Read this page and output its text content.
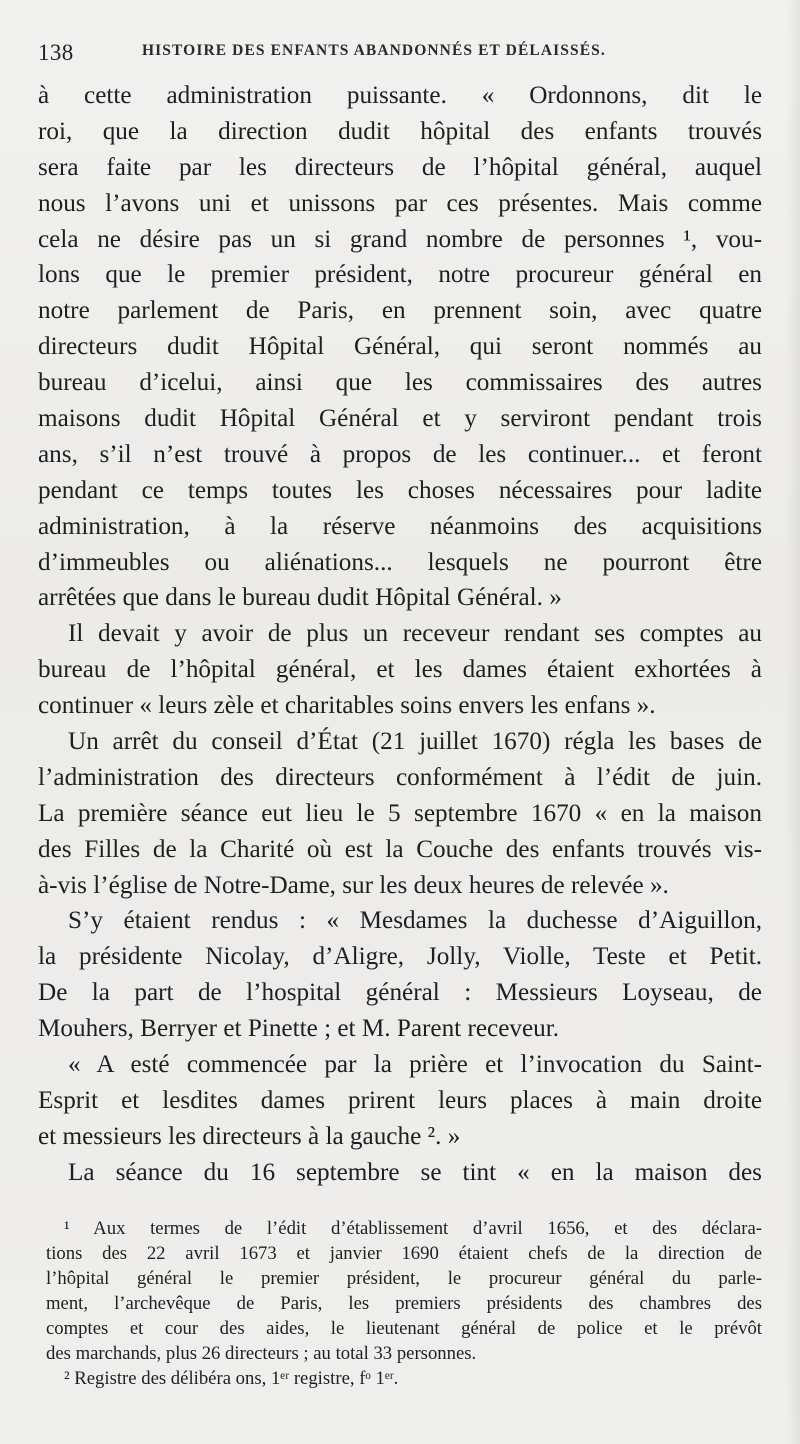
138	HISTOIRE DES ENFANTS ABANDONNÉS ET DÉLAISSÉS.
à cette administration puissante. « Ordonnons, dit le
roi, que la direction dudit hôpital des enfants trouvés
sera faite par les directeurs de l’hôpital général, auquel
nous l’avons uni et unissons par ces présentes. Mais comme
cela ne désire pas un si grand nombre de personnes ¹, vou-
lons que le premier président, notre procureur général en
notre parlement de Paris, en prennent soin, avec quatre
directeurs dudit Hôpital Général, qui seront nommés au
bureau d’icelui, ainsi que les commissaires des autres
maisons dudit Hôpital Général et y serviront pendant trois
ans, s’il n’est trouvé à propos de les continuer... et feront
pendant ce temps toutes les choses nécessaires pour ladite
administration, à la réserve néanmoins des acquisitions
d’immeubles ou aliénations... lesquels ne pourront être
arrêtées que dans le bureau dudit Hôpital Général. »
Il devait y avoir de plus un receveur rendant ses comptes au
bureau de l’hôpital général, et les dames étaient exhortées à
continuer « leurs zèle et charitables soins envers les enfans ».
Un arrêt du conseil d’État (21 juillet 1670) régla les bases de
l’administration des directeurs conformément à l’édit de juin.
La première séance eut lieu le 5 septembre 1670 « en la maison
des Filles de la Charité où est la Couche des enfants trouvés vis-
à-vis l’église de Notre-Dame, sur les deux heures de relevée ».
S’y étaient rendus : « Mesdames la duchesse d’Aiguillon,
la présidente Nicolay, d’Aligre, Jolly, Violle, Teste et Petit.
De la part de l’hospital général : Messieurs Loyseau, de
Mouhers, Berryer et Pinette ; et M. Parent receveur.
« A esté commencée par la prière et l’invocation du Saint-
Esprit et lesdites dames prirent leurs places à main droite
et messieurs les directeurs à la gauche ². »
La séance du 16 septembre se tint « en la maison des
¹ Aux termes de l’édit d’établissement d’avril 1656, et des déclara-
tions des 22 avril 1673 et janvier 1690 étaient chefs de la direction de
l’hôpital général le premier président, le procureur général du parle-
ment, l’archevêque de Paris, les premiers présidents des chambres des
comptes et cour des aides, le lieutenant général de police et le prévôt
des marchands, plus 26 directeurs ; au total 33 personnes.
² Registre des délibéra ons, 1ᵉʳ registre, fᵒ 1ᵉʳ.
